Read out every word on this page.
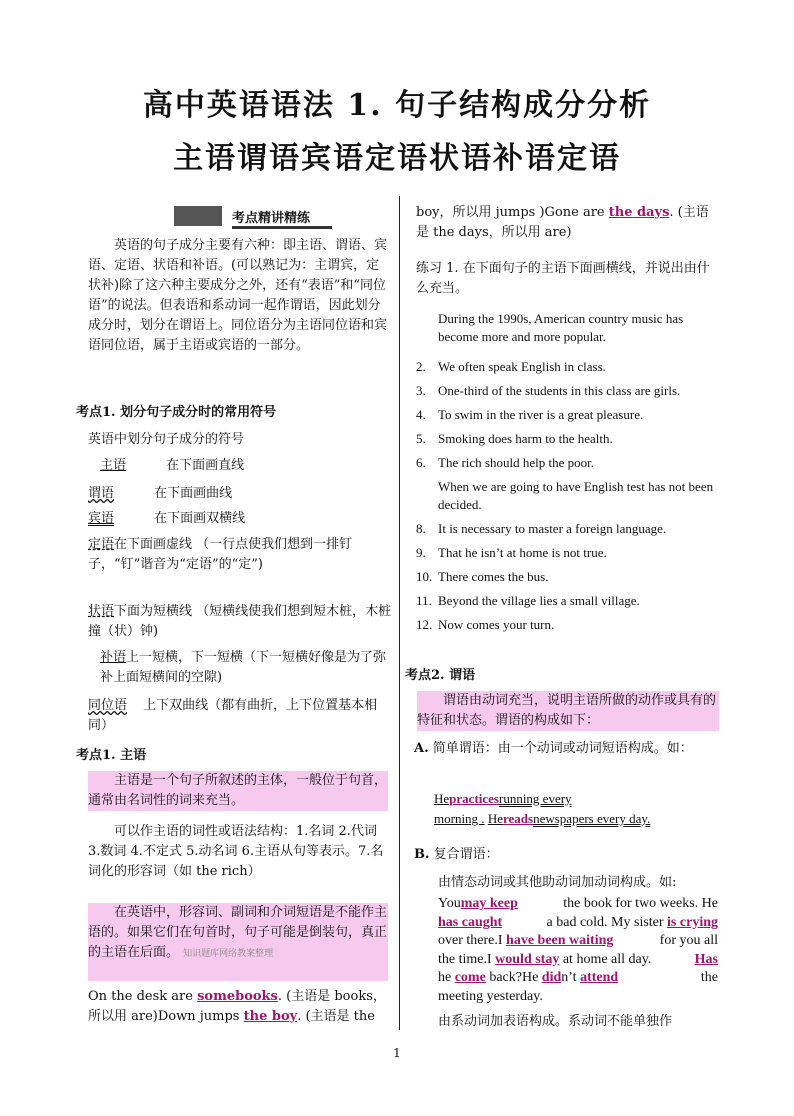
高中英语语法 1. 句子结构成分分析
主语谓语宾语定语状语补语定语
考点精讲精练
英语的句子成分主要有六种：即主语、谓语、宾语、定语、状语和补语。(可以熟记为：主谓宾，定状补)除了这六种主要成分之外，还有“表语”和“同位语”的说法。但表语和系动词一起作谓语，因此划分成分时，划分在谓语上。同位语分为主语同位语和宾语同位语，属于主语或宾语的一部分。
考点1. 划分句子成分时的常用符号
英语中划分句子成分的符号
主语	在下面画直线
谓语	在下面画曲线
宾语	在下面画双横线
定语在下面画虚线 （一行点使我们想到一排钉子，“钉”谐音为“定语”的“定”)
状语下面为短横线 （短横线使我们想到短木桩，木桩撞（状）钟)
补语上一短横，下一短横（下一短横好像是为了弥补上面短横间的空隙)
同位语 上下双曲线（都有曲折，上下位置基本相同）
考点1. 主语
主语是一个句子所叙述的主体，一般位于句首，通常由名词性的词来充当。
可以作主语的词性或语法结构：1.名词 2.代词 3.数词 4.不定式 5.动名词 6.主语从句等表示。7.名词化的形容词（如 the rich）
在英语中，形容词、副词和介词短语是不能作主语的。如果它们在句首时，句子可能是倒装句，真正的主语在后面。 知识题库网络教案整理
On the desk are somebooks. (主语是 books，所以用 are)Down jumps the boy. (主语是 the
boy，所以用 jumps )Gone are the days. (主语
是 the days，所以用 are)
练习 1. 在下面句子的主语下面画横线，并说出由什么充当。
During the 1990s, American country music has become more and more popular.
2. We often speak English in class.
3. One-third of the students in this class are girls.
4. To swim in the river is a great pleasure.
5. Smoking does harm to the health.
6. The rich should help the poor.
When we are going to have English test has not been decided.
8. It is necessary to master a foreign language.
9. That he isn’t at home is not true.
10. There comes the bus.
11. Beyond the village lies a small village.
12. Now comes your turn.
考点2. 谓语
谓语由动词充当，说明主语所做的动作或具有的特征和状态。谓语的构成如下：
A. 简单谓语：由一个动词或动词短语构成。如：
Hepracticesrunning every
morning . Hereadsnewspapers every day.
B. 复合谓语：
由情态动词或其他助动词加动词构成。如:
Youmay keep	the book for two weeks. He
has caught	a bad cold. My sister is crying
over there.I have been waiting	for you all
the time.I would stay at home all day.	Has
he come back?He didn’t attend	the
meeting yesterday.
由系动词加表语构成。系动词不能单独作
1
